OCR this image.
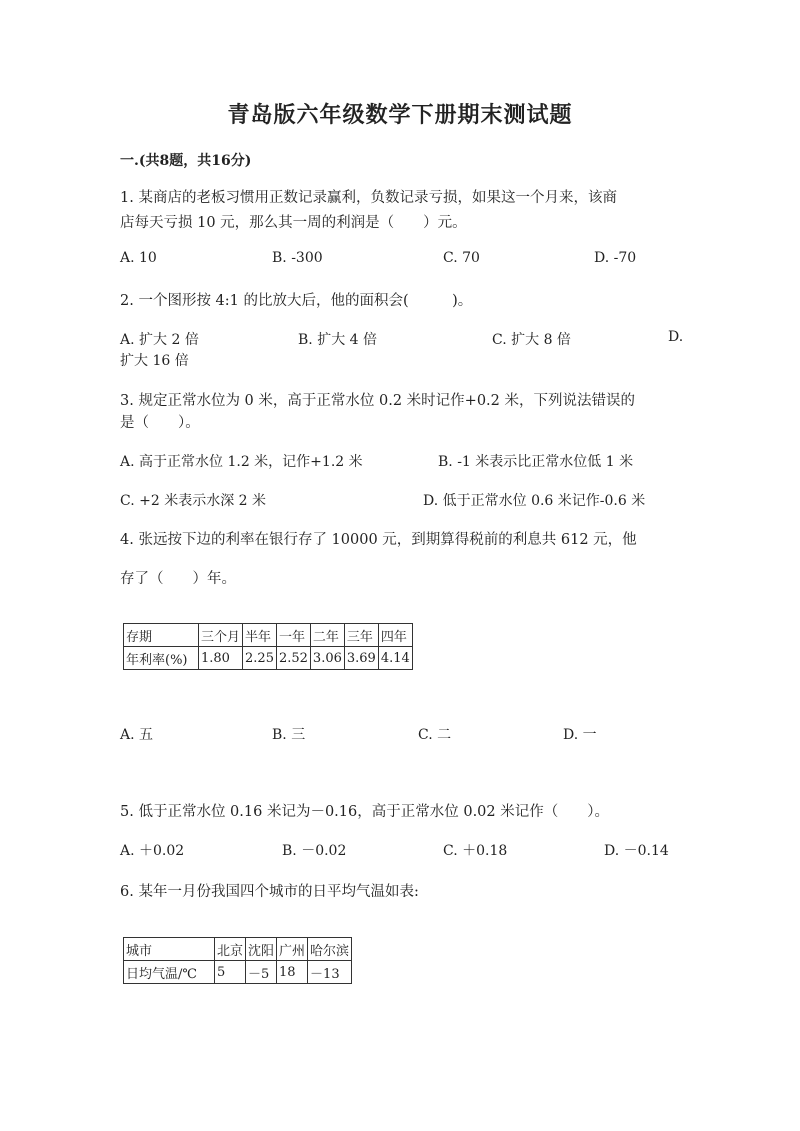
青岛版六年级数学下册期末测试题
一.(共8题，共16分)
1. 某商店的老板习惯用正数记录赢利，负数记录亏损，如果这一个月来，该商
店每天亏损 10 元，那么其一周的利润是（　　）元。
A. 10	B. -300	C. 70	D. -70
2. 一个图形按 4:1 的比放大后，他的面积会(　　　)。
A. 扩大 2 倍	B. 扩大 4 倍	C. 扩大 8 倍	D.
扩大 16 倍
3. 规定正常水位为 0 米，高于正常水位 0.2 米时记作+0.2 米，下列说法错误的
是（　　）。
A. 高于正常水位 1.2 米，记作+1.2 米	B. -1 米表示比正常水位低 1 米
C. +2 米表示水深 2 米	D. 低于正常水位 0.6 米记作-0.6 米
4. 张远按下边的利率在银行存了 10000 元，到期算得税前的利息共 612 元，他
存了（　　）年。
存期	三个月	半年	一年	二年	三年	四年
年利率(%)	1.80	2.25	2.52	3.06	3.69	4.14
A. 五	B. 三	C. 二	D. 一
5. 低于正常水位 0.16 米记为－0.16，高于正常水位 0.02 米记作（　　）。
A. ＋0.02	B. －0.02	C. ＋0.18	D. －0.14
6. 某年一月份我国四个城市的日平均气温如表:
城市	北京	沈阳	广州	哈尔滨
日均气温/℃	5	－5	18	－13
